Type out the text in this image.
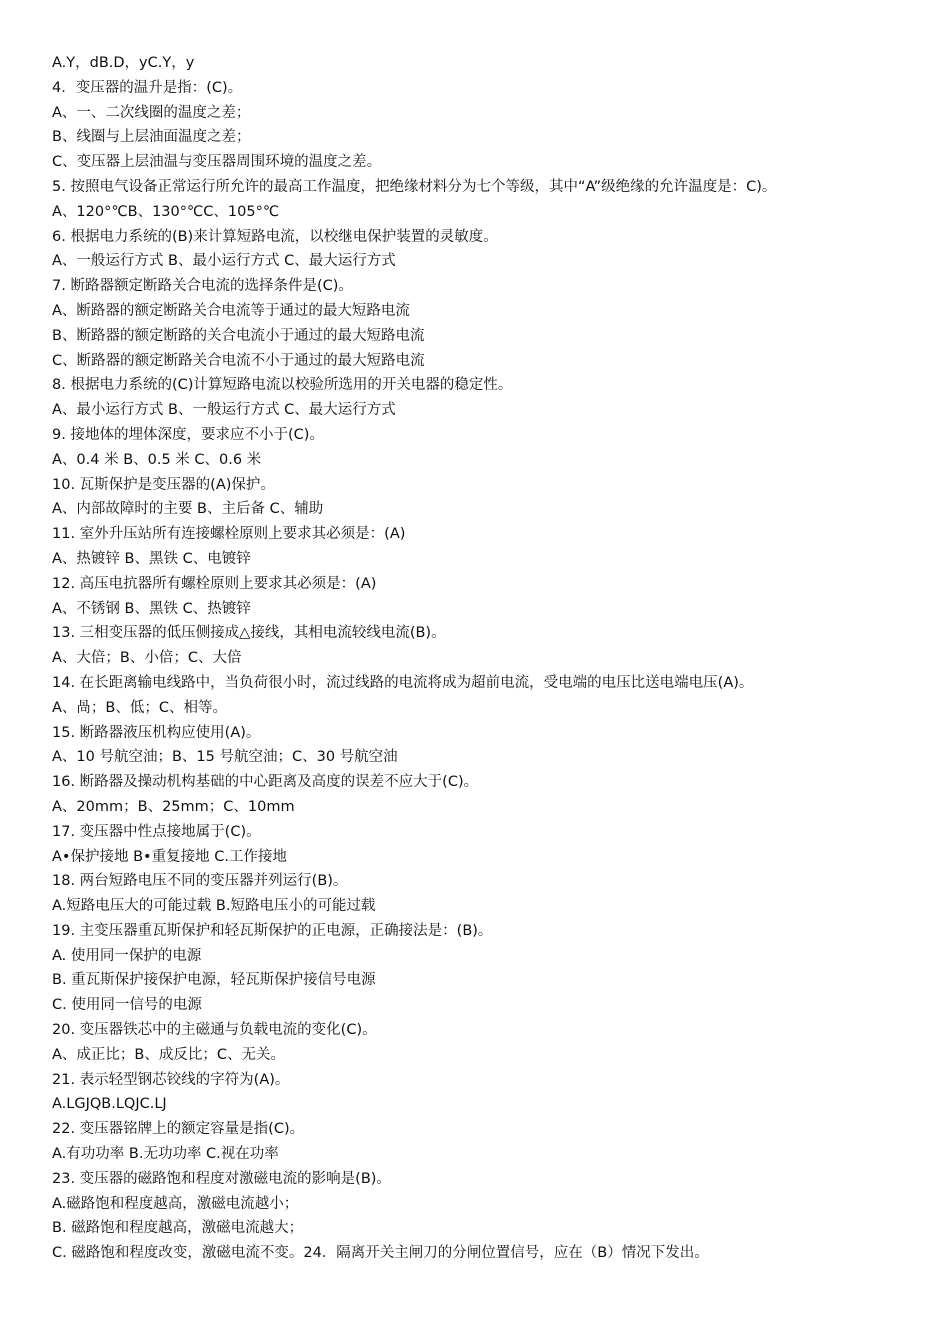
A.Y，dB.D，yC.Y，y
4．变压器的温升是指：(C)。
A、一、二次线圈的温度之差；
B、线圈与上层油面温度之差；
C、变压器上层油温与变压器周围环境的温度之差。
5. 按照电气设备正常运行所允许的最高工作温度，把绝缘材料分为七个等级，其中“A”级绝缘的允许温度是：C)。
A、120°℃B、130°℃C、105°℃
6. 根据电力系统的(B)来计算短路电流，以校继电保护装置的灵敏度。
A、一般运行方式 B、最小运行方式 C、最大运行方式
7. 断路器额定断路关合电流的选择条件是(C)。
A、断路器的额定断路关合电流等于通过的最大短路电流
B、断路器的额定断路的关合电流小于通过的最大短路电流
C、断路器的额定断路关合电流不小于通过的最大短路电流
8. 根据电力系统的(C)计算短路电流以校验所选用的开关电器的稳定性。
A、最小运行方式 B、一般运行方式 C、最大运行方式
9. 接地体的埋体深度，要求应不小于(C)。
A、0.4 米 B、0.5 米 C、0.6 米
10. 瓦斯保护是变压器的(A)保护。
A、内部故障时的主要 B、主后备 C、辅助
11. 室外升压站所有连接螺栓原则上要求其必须是：(A)
A、热镀锌 B、黑铁 C、电镀锌
12. 高压电抗器所有螺栓原则上要求其必须是：(A)
A、不锈钢 B、黑铁 C、热镀锌
13. 三相变压器的低压侧接成△接线，其相电流较线电流(B)。
A、大倍；B、小倍；C、大倍
14. 在长距离输电线路中，当负荷很小时，流过线路的电流将成为超前电流，受电端的电压比送电端电压(A)。
A、咼；B、低；C、相等。
15. 断路器液压机构应使用(A)。
A、10 号航空油；B、15 号航空油；C、30 号航空油
16. 断路器及操动机构基础的中心距离及高度的误差不应大于(C)。
A、20mm；B、25mm；C、10mm
17. 变压器中性点接地属于(C)。
A•保护接地 B•重复接地 C.工作接地
18. 两台短路电压不同的变压器并列运行(B)。
A.短路电压大的可能过载 B.短路电压小的可能过载
19. 主变压器重瓦斯保护和轻瓦斯保护的正电源，正确接法是：(B)。
A. 使用同一保护的电源
B. 重瓦斯保护接保护电源，轻瓦斯保护接信号电源
C. 使用同一信号的电源
20. 变压器铁芯中的主磁通与负载电流的变化(C)。
A、成正比；B、成反比；C、无关。
21. 表示轻型钢芯铰线的字符为(A)。
A.LGJQB.LQJC.LJ
22. 变压器铭牌上的额定容量是指(C)。
A.有功功率 B.无功功率 C.视在功率
23. 变压器的磁路饱和程度对激磁电流的影响是(B)。
A.磁路饱和程度越高，激磁电流越小；
B. 磁路饱和程度越高，激磁电流越大；
C. 磁路饱和程度改变，激磁电流不变。24．隔离开关主闸刀的分闸位置信号，应在（B）情况下发出。
